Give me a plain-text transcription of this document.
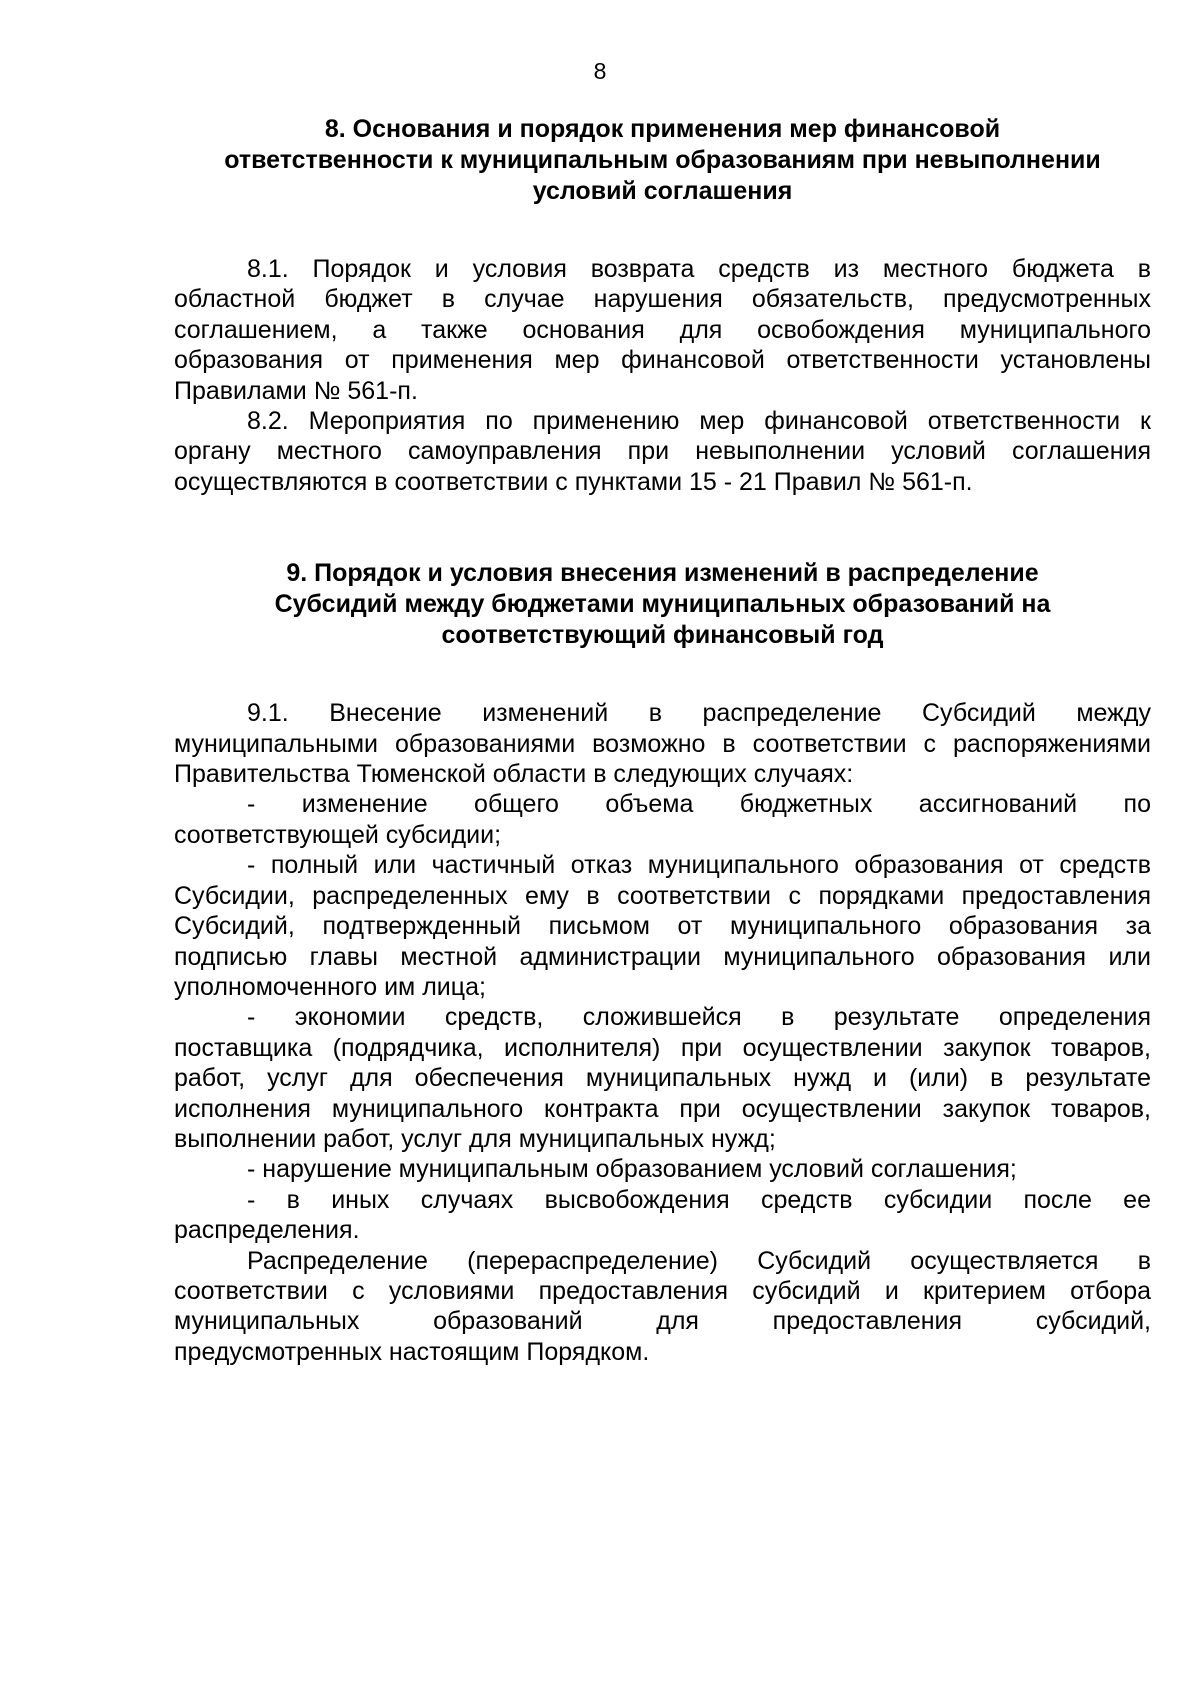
8
8. Основания и порядок применения мер финансовой
ответственности к муниципальным образованиям при невыполнении
условий соглашения
8.1. Порядок и условия возврата средств из местного бюджета в
областной бюджет в случае нарушения обязательств, предусмотренных
соглашением, а также основания для освобождения муниципального
образования от применения мер финансовой ответственности установлены
Правилами № 561-п.
8.2. Мероприятия по применению мер финансовой ответственности к
органу местного самоуправления при невыполнении условий соглашения
осуществляются в соответствии с пунктами 15 - 21 Правил № 561-п.
9. Порядок и условия внесения изменений в распределение
Субсидий между бюджетами муниципальных образований на
соответствующий финансовый год
9.1. Внесение изменений в распределение Субсидий между
муниципальными образованиями возможно в соответствии с распоряжениями
Правительства Тюменской области в следующих случаях:
- изменение общего объема бюджетных ассигнований по
соответствующей субсидии;
- полный или частичный отказ муниципального образования от средств
Субсидии, распределенных ему в соответствии с порядками предоставления
Субсидий, подтвержденный письмом от муниципального образования за
подписью главы местной администрации муниципального образования или
уполномоченного им лица;
- экономии средств, сложившейся в результате определения
поставщика (подрядчика, исполнителя) при осуществлении закупок товаров,
работ, услуг для обеспечения муниципальных нужд и (или) в результате
исполнения муниципального контракта при осуществлении закупок товаров,
выполнении работ, услуг для муниципальных нужд;
- нарушение муниципальным образованием условий соглашения;
- в иных случаях высвобождения средств субсидии после ее
распределения.
Распределение (перераспределение) Субсидий осуществляется в
соответствии с условиями предоставления субсидий и критерием отбора
муниципальных образований для предоставления субсидий,
предусмотренных настоящим Порядком.
